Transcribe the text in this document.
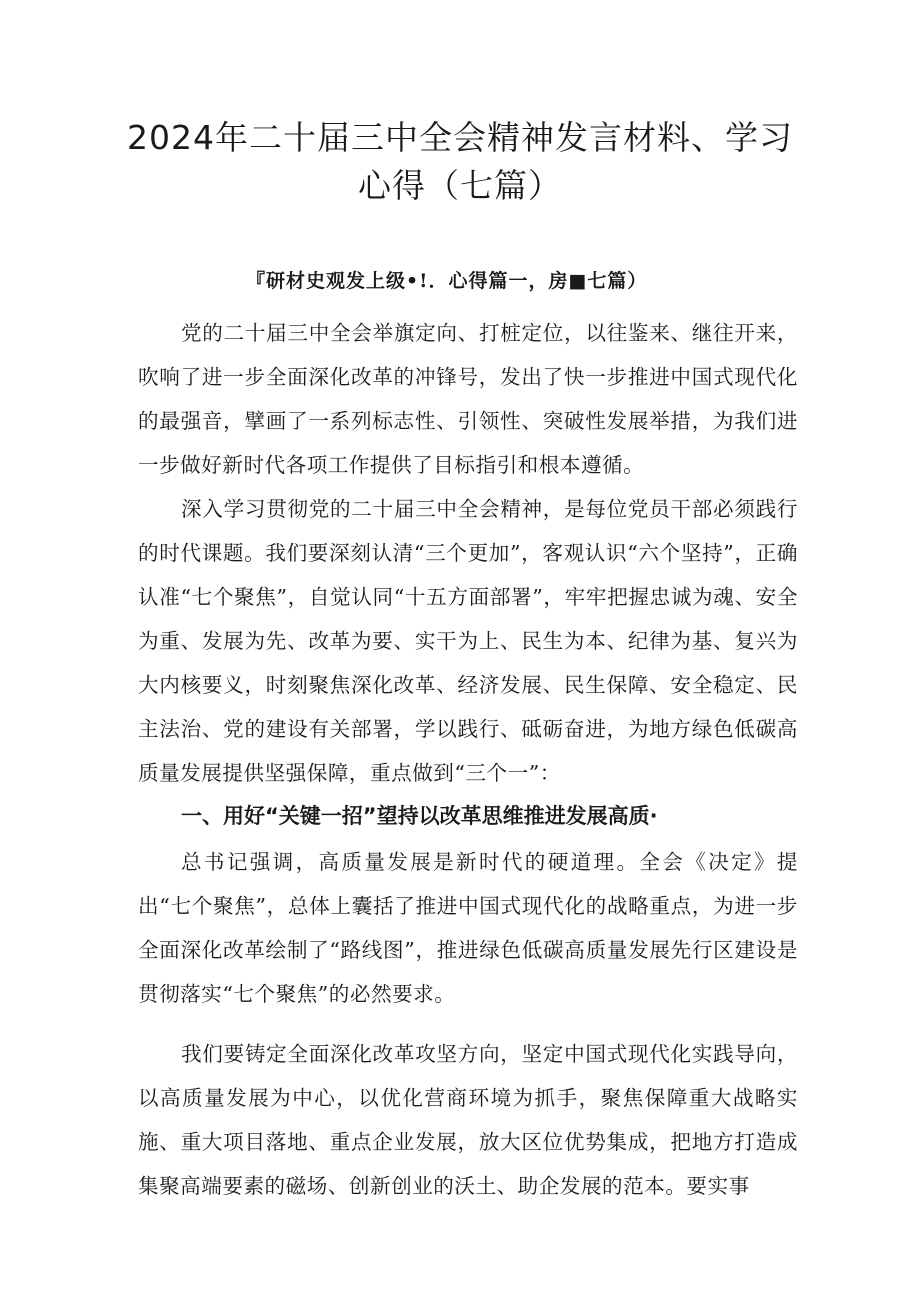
2024年二十届三中全会精神发言材料、学习
心得（七篇）
『研材史观发上级•!．心得篇一，房■七篇）

党的二十届三中全会举旗定向、打桩定位，以往鉴来、继往开来，吹响了进一步全面深化改革的冲锋号，发出了快一步推进中国式现代化的最强音，擘画了一系列标志性、引领性、突破性发展举措，为我们进一步做好新时代各项工作提供了目标指引和根本遵循。

深入学习贯彻党的二十届三中全会精神，是每位党员干部必须践行的时代课题。我们要深刻认清“三个更加”，客观认识“六个坚持”，正确认准“七个聚焦”，自觉认同“十五方面部署”，牢牢把握忠诚为魂、安全为重、发展为先、改革为要、实干为上、民生为本、纪律为基、复兴为大内核要义，时刻聚焦深化改革、经济发展、民生保障、安全稳定、民主法治、党的建设有关部署，学以践行、砥砺奋进，为地方绿色低碳高质量发展提供坚强保障，重点做到“三个一”：

一、用好“关键一招”望持以改革思维推进发展高质·

总书记强调，高质量发展是新时代的硬道理。全会《决定》提出“七个聚焦”，总体上囊括了推进中国式现代化的战略重点，为进一步全面深化改革绘制了“路线图”，推进绿色低碳高质量发展先行区建设是贯彻落实“七个聚焦”的必然要求。

我们要铸定全面深化改革攻坚方向，坚定中国式现代化实践导向，以高质量发展为中心，以优化营商环境为抓手，聚焦保障重大战略实施、重大项目落地、重点企业发展，放大区位优势集成，把地方打造成集聚高端要素的磁场、创新创业的沃土、助企发展的范本。要实事
